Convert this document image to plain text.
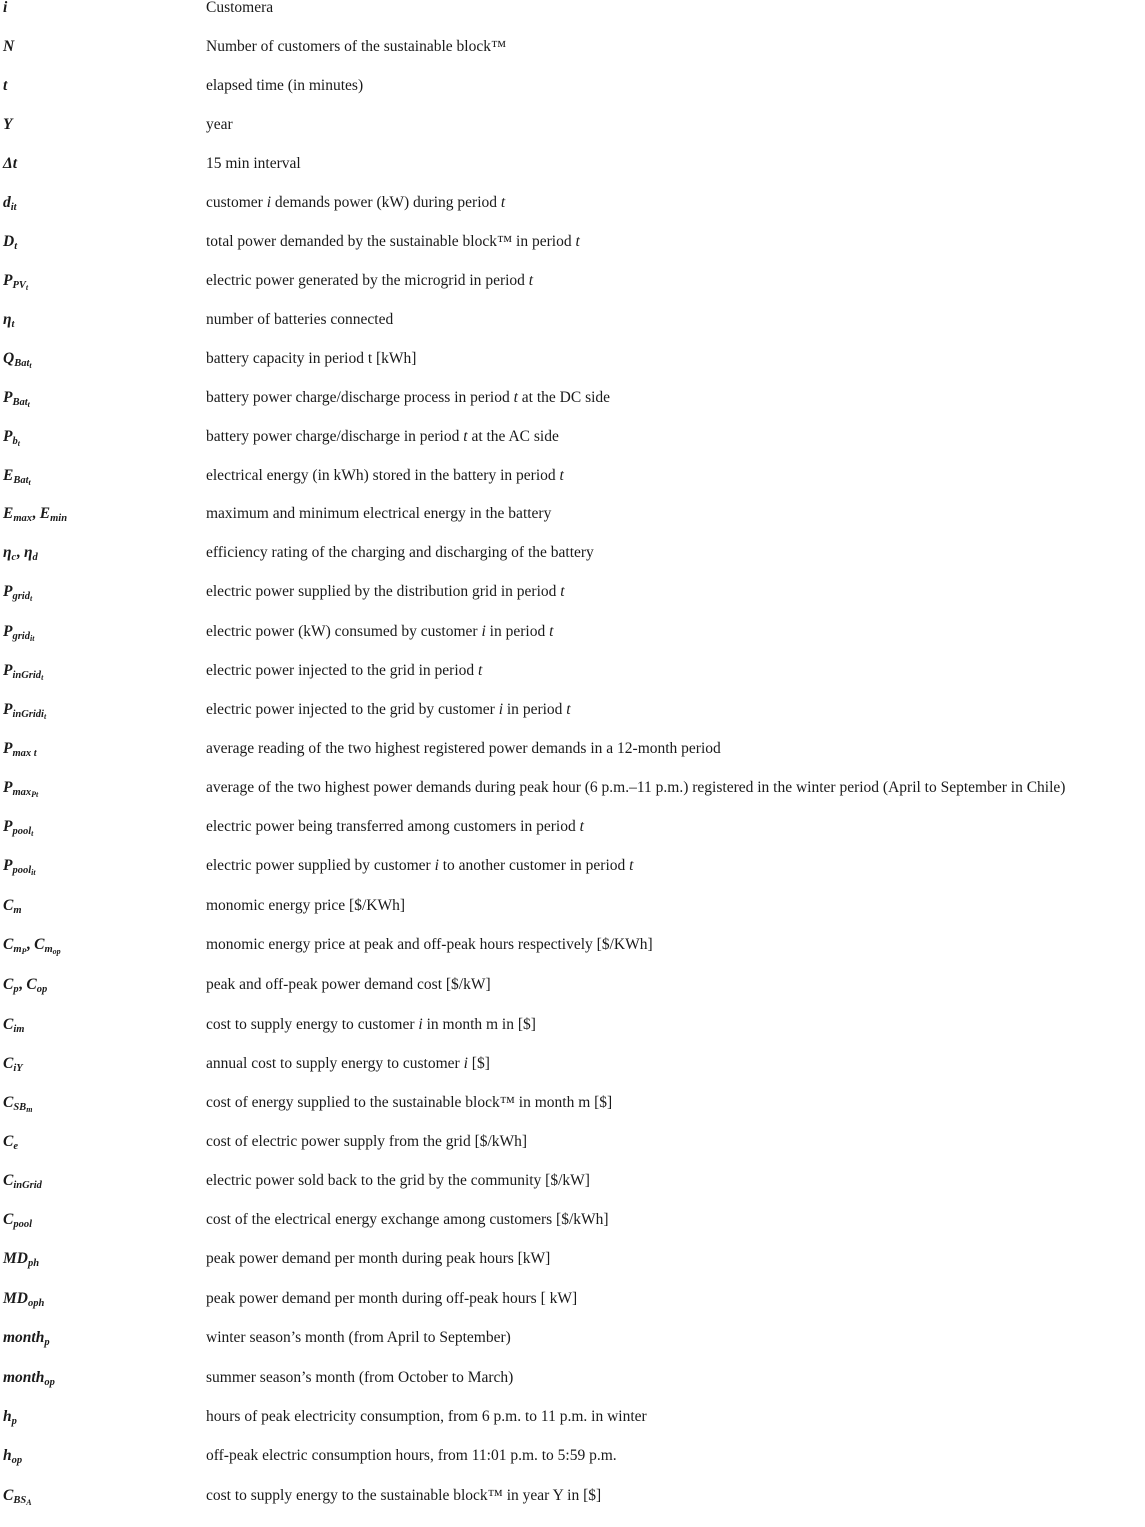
i	Customera
N	Number of customers of the sustainable block™
t	elapsed time (in minutes)
Y	year
Δt	15 min interval
$d_{it}$	customer i demands power (kW) during period t
$D_t$	total power demanded by the sustainable block™ in period t
$P_{PV_t}$	electric power generated by the microgrid in period t
$\eta_t$	number of batteries connected
$Q_{Bat_t}$	battery capacity in period t [kWh]
$P_{Bat_t}$	battery power charge/discharge process in period t at the DC side
$P_{b_t}$	battery power charge/discharge in period t at the AC side
$E_{Bat_t}$	electrical energy (in kWh) stored in the battery in period t
$E_{max}$, $E_{min}$	maximum and minimum electrical energy in the battery
$\eta_c$, $\eta_d$	efficiency rating of the charging and discharging of the battery
$P_{grid_t}$	electric power supplied by the distribution grid in period t
$P_{grid_{it}}$	electric power (kW) consumed by customer i in period t
$P_{inGrid_t}$	electric power injected to the grid in period t
$P_{inGridi_t}$	electric power injected to the grid by customer i in period t
$P_{max t}$	average reading of the two highest registered power demands in a 12-month period
$P_{max_{Pt}}$	average of the two highest power demands during peak hour (6 p.m.–11 p.m.) registered in the winter period (April to September in Chile)
$P_{pool_t}$	electric power being transferred among customers in period t
$P_{pool_{it}}$	electric power supplied by customer i to another customer in period t
$C_m$	monomic energy price [$/KWh]
$C_{m_P}$, $C_{m_{op}}$	monomic energy price at peak and off-peak hours respectively [$/KWh]
$C_p$, $C_{op}$	peak and off-peak power demand cost [$/kW]
$C_{im}$	cost to supply energy to customer i in month m in [$]
$C_{iY}$	annual cost to supply energy to customer i [$]
$C_{SB_m}$	cost of energy supplied to the sustainable block™ in month m [$]
$C_e$	cost of electric power supply from the grid [$/kWh]
$C_{inGrid}$	electric power sold back to the grid by the community [$/kW]
$C_{pool}$	cost of the electrical energy exchange among customers [$/kWh]
$MD_{ph}$	peak power demand per month during peak hours [kW]
$MD_{oph}$	peak power demand per month during off-peak hours [ kW]
month$_p$	winter season’s month (from April to September)
month$_{op}$	summer season’s month (from October to March)
$h_p$	hours of peak electricity consumption, from 6 p.m. to 11 p.m. in winter
$h_{op}$	off-peak electric consumption hours, from 11:01 p.m. to 5:59 p.m.
$C_{BS_A}$	cost to supply energy to the sustainable block™ in year Y in [$]
